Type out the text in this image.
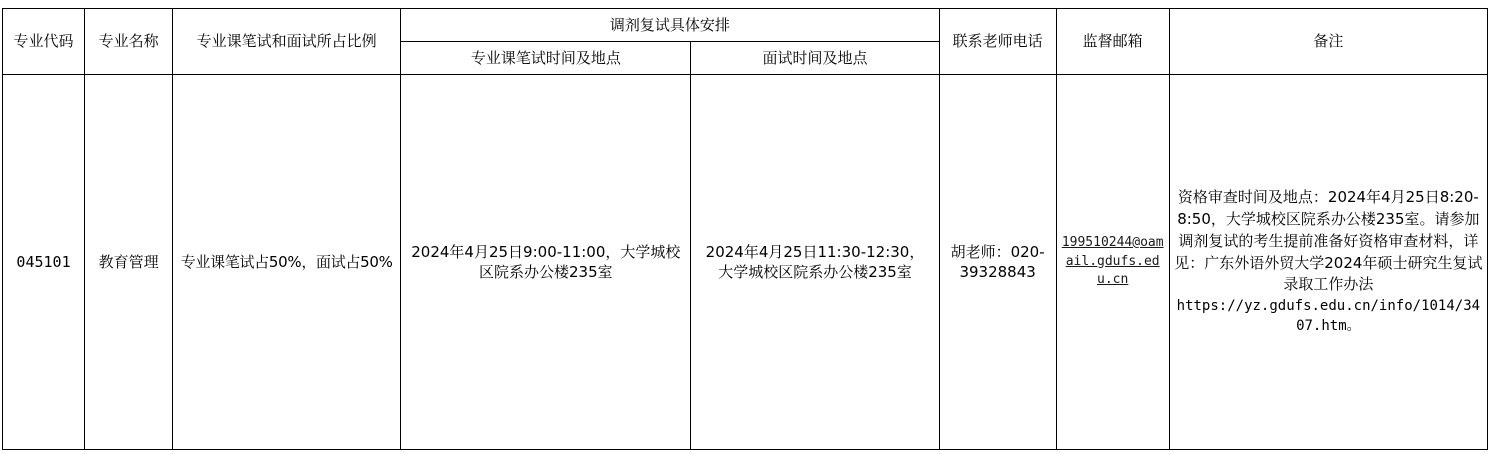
专业代码	专业名称	专业课笔试和面试所占比例	调剂复试具体安排		联系老师电话	监督邮箱	备注
			专业课笔试时间及地点	面试时间及地点			
045101	教育管理	专业课笔试占50%，面试占50%	2024年4月25日9:00-11:00，大学城校区院系办公楼235室	2024年4月25日11:30-12:30，大学城校区院系办公楼235室	胡老师：020-39328843	199510244@oamail.gdufs.edu.cn	资格审查时间及地点：2024年4月25日8:20-8:50，大学城校区院系办公楼235室。请参加调剂复试的考生提前准备好资格审查材料，详见：广东外语外贸大学2024年硕士研究生复试录取工作办法
https://yz.gdufs.edu.cn/info/1014/3407.htm。
